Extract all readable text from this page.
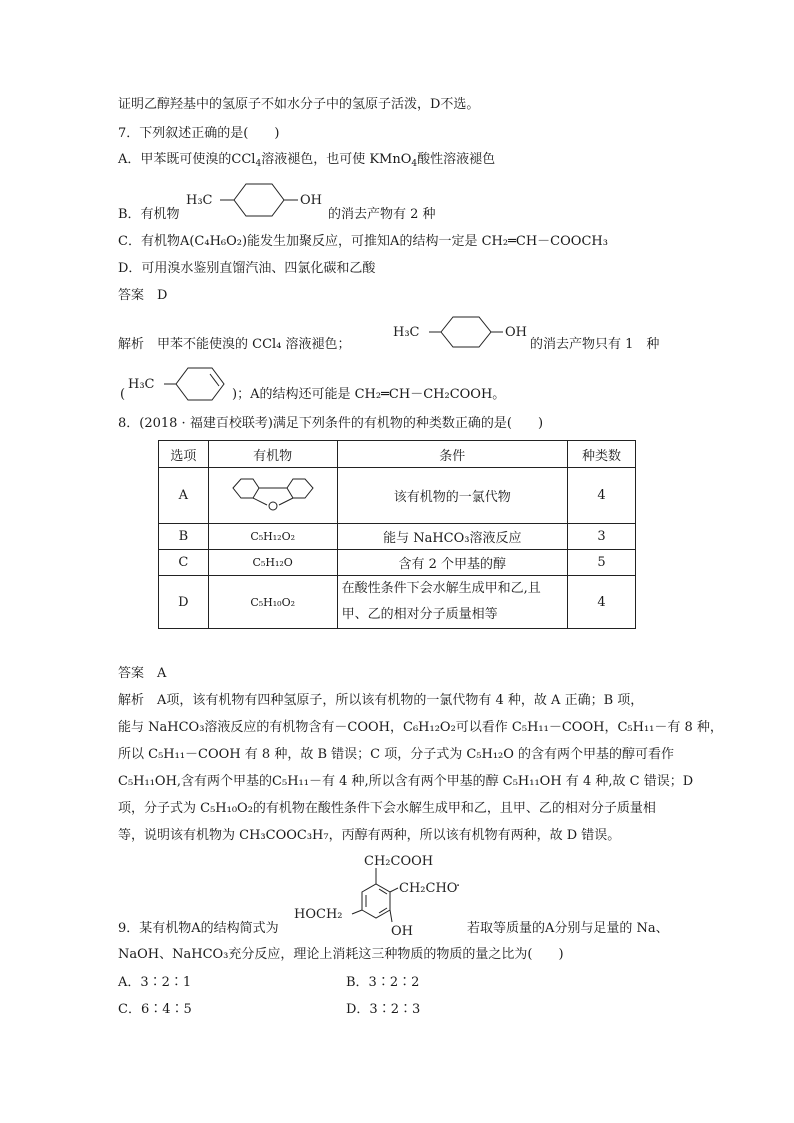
证明乙醇羟基中的氢原子不如水分子中的氢原子活泼，D不选。
7．下列叙述正确的是(　　)
A．甲苯既可使溴的CCl$_4$溶液褪色，也可使 KMnO$_4$酸性溶液褪色
H₃C	OH
B．有机物	的消去产物有 2 种
C．有机物A(C₄H₆O₂)能发生加聚反应，可推知A的结构一定是 CH₂═CH－COOCH₃
D．可用溴水鉴别直馏汽油、四氯化碳和乙酸
答案　D
H₃C	OH
解析　甲苯不能使溴的 CCl₄ 溶液褪色；	的消去产物只有 1　种
H₃C
(	)；A的结构还可能是 CH₂═CH－CH₂COOH。
8．(2018 · 福建百校联考)满足下列条件的有机物的种类数正确的是(　　)
选项	有机物	条件	种类数
A		该有机物的一氯代物	4
B	C₅H₁₂O₂	能与 NaHCO₃溶液反应	3
C	C₅H₁₂O	含有 2 个甲基的醇	5
D	C₅H₁₀O₂	在酸性条件下会水解生成甲和乙,且
甲、乙的相对分子质量相等	4
答案　A
解析　A项，该有机物有四种氢原子，所以该有机物的一氯代物有 4 种，故 A 正确；B 项，
能与 NaHCO₃溶液反应的有机物含有－COOH，C₆H₁₂O₂可以看作 C₅H₁₁－COOH，C₅H₁₁－有 8 种，
所以 C₅H₁₁－COOH 有 8 种，故 B 错误；C 项，分子式为 C₅H₁₂O 的含有两个甲基的醇可看作
C₅H₁₁OH,含有两个甲基的C₅H₁₁－有 4 种,所以含有两个甲基的醇 C₅H₁₁OH 有 4 种,故 C 错误；D
项，分子式为 C₅H₁₀O₂的有机物在酸性条件下会水解生成甲和乙，且甲、乙的相对分子质量相
等，说明该有机物为 CH₃COOC₃H₇，丙醇有两种，所以该有机物有两种，故 D 错误。
CH₂COOH
CH₂CHO
HOCH₂
OH
.
9．某有机物A的结构简式为	若取等质量的A分别与足量的 Na、
NaOH、NaHCO₃充分反应，理论上消耗这三种物质的物质的量之比为(　　)
A．3∶2∶1	B．3∶2∶2
C．6∶4∶5	D．3∶2∶3
